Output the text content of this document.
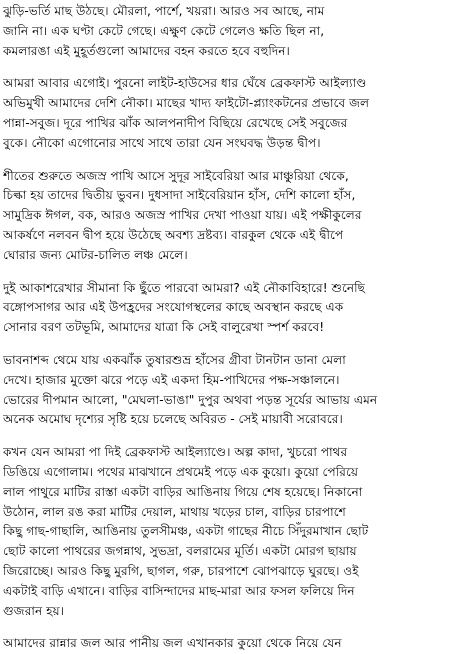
ঝুড়ি-ভর্তি মাছ উঠছে। মৌরলা, পার্শে, খয়রা। আরও সব আছে, নাম
জানি না। এক ঘণ্টা কেটে গেছে। এক্ষুণ কেটে গেলেও ক্ষতি ছিল না,
কমলারঙা এই মুহূর্তগুলো আমাদের বহন করতে হবে বহুদিন।
আমরা আবার এগোই। পুরনো লাইট-হাউসের ধার ঘেঁষে ব্রেকফাস্ট আইল্যাণ্ড
অভিমুখী আমাদের দেশি নৌকা। মাছের খাদ্য ফাইটো-প্ল্যাংকটনের প্রভাবে জল
পান্না-সবুজ। দূরে পাখির ঝাঁক আলপনাদীপ বিছিয়ে রেখেছে সেই সবুজের
বুকে। নৌকো এগোনোর সাথে সাথে তারা যেন সংঘবদ্ধ উড়ন্ত দ্বীপ।
শীতের শুরুতে অজস্র পাখি আসে সুদূর সাইবেরিয়া আর মাঞ্চুরিয়া থেকে,
চিল্কা হয় তাদের দ্বিতীয় ভুবন। দুধসাদা সাইবেরিয়ান হাঁস, দেশি কালো হাঁস,
সামুদ্রিক ঈগল, বক, আরও অজস্র পাখির দেখা পাওয়া যায়। এই পক্ষীকুলের
আকর্ষণে নলবন দ্বীপ হয়ে উঠেছে অবশ্য দ্রষ্টব্য। বারকুল থেকে এই দ্বীপে
ঘোরার জন্য মোটর-চালিত লঞ্চ মেলে।
দুই আকাশরেখার সীমানা কি ছুঁতে পারবো আমরা? এই নৌকাবিহারে! শুনেছি
বঙ্গোপসাগর আর এই উপহ্রদের সংযোগস্থলের কাছে অবস্থান করছে এক
সোনার বরণ তটভূমি, আমাদের যাত্রা কি সেই বালুরেখা স্পর্শ করবে!
ভাবনাশব্দ থেমে যায় একঝাঁক তুষারশুভ্র হাঁসের গ্রীবা টানটান ডানা মেলা
দেখে। হাজার মুক্তো ঝরে পড়ে এই একদা হিম-পাখিদের পক্ষ-সঞ্চালনে।
ভোরের দীপমান আলো, "মেঘলা-ভাঙা" দুপুর অথবা পড়ন্ত সূর্যের আভায় এমন
অনেক অমোঘ দৃশ্যের সৃষ্টি হয়ে চলেছে অবিরত - সেই মায়াবী সরোবরে।
কখন যেন আমরা পা দিই ব্রেকফাস্ট আইল্যাণ্ডে। অল্প কাদা, খুচরো পাথর
ডিঙিয়ে এগোলাম। পথের মাঝখানে প্রথমেই পড়ে এক কুয়ো। কুয়ো পেরিয়ে
লাল পাথুরে মাটির রাস্তা একটা বাড়ির আঙিনায় গিয়ে শেষ হয়েছে। নিকানো
উঠোন, লাল রঙ করা মাটির দেয়াল, মাথায় খড়ের চাল, বাড়ির চারপাশে
কিছু গাছ-গাছালি, আঙিনায় তুলসীমঞ্চ, একটা গাছের নীচে সিঁদুরমাখান ছোট
ছোট কালো পাথরের জগন্নাথ, সুভদ্রা, বলরামের মূর্তি। একটা মোরগ ছায়ায়
জিরোচ্ছে। আরও কিছু মুরগি, ছাগল, গরু, চারপাশে ঝোপঝাড়ে ঘুরছে। ওই
একটাই বাড়ি এখানে। বাড়ির বাসিন্দাদের মাছ-মারা আর ফসল ফলিয়ে দিন
গুজরান হয়।
আমাদের রান্নার জল আর পানীয় জল এখানকার কুয়ো থেকে নিয়ে যেন
